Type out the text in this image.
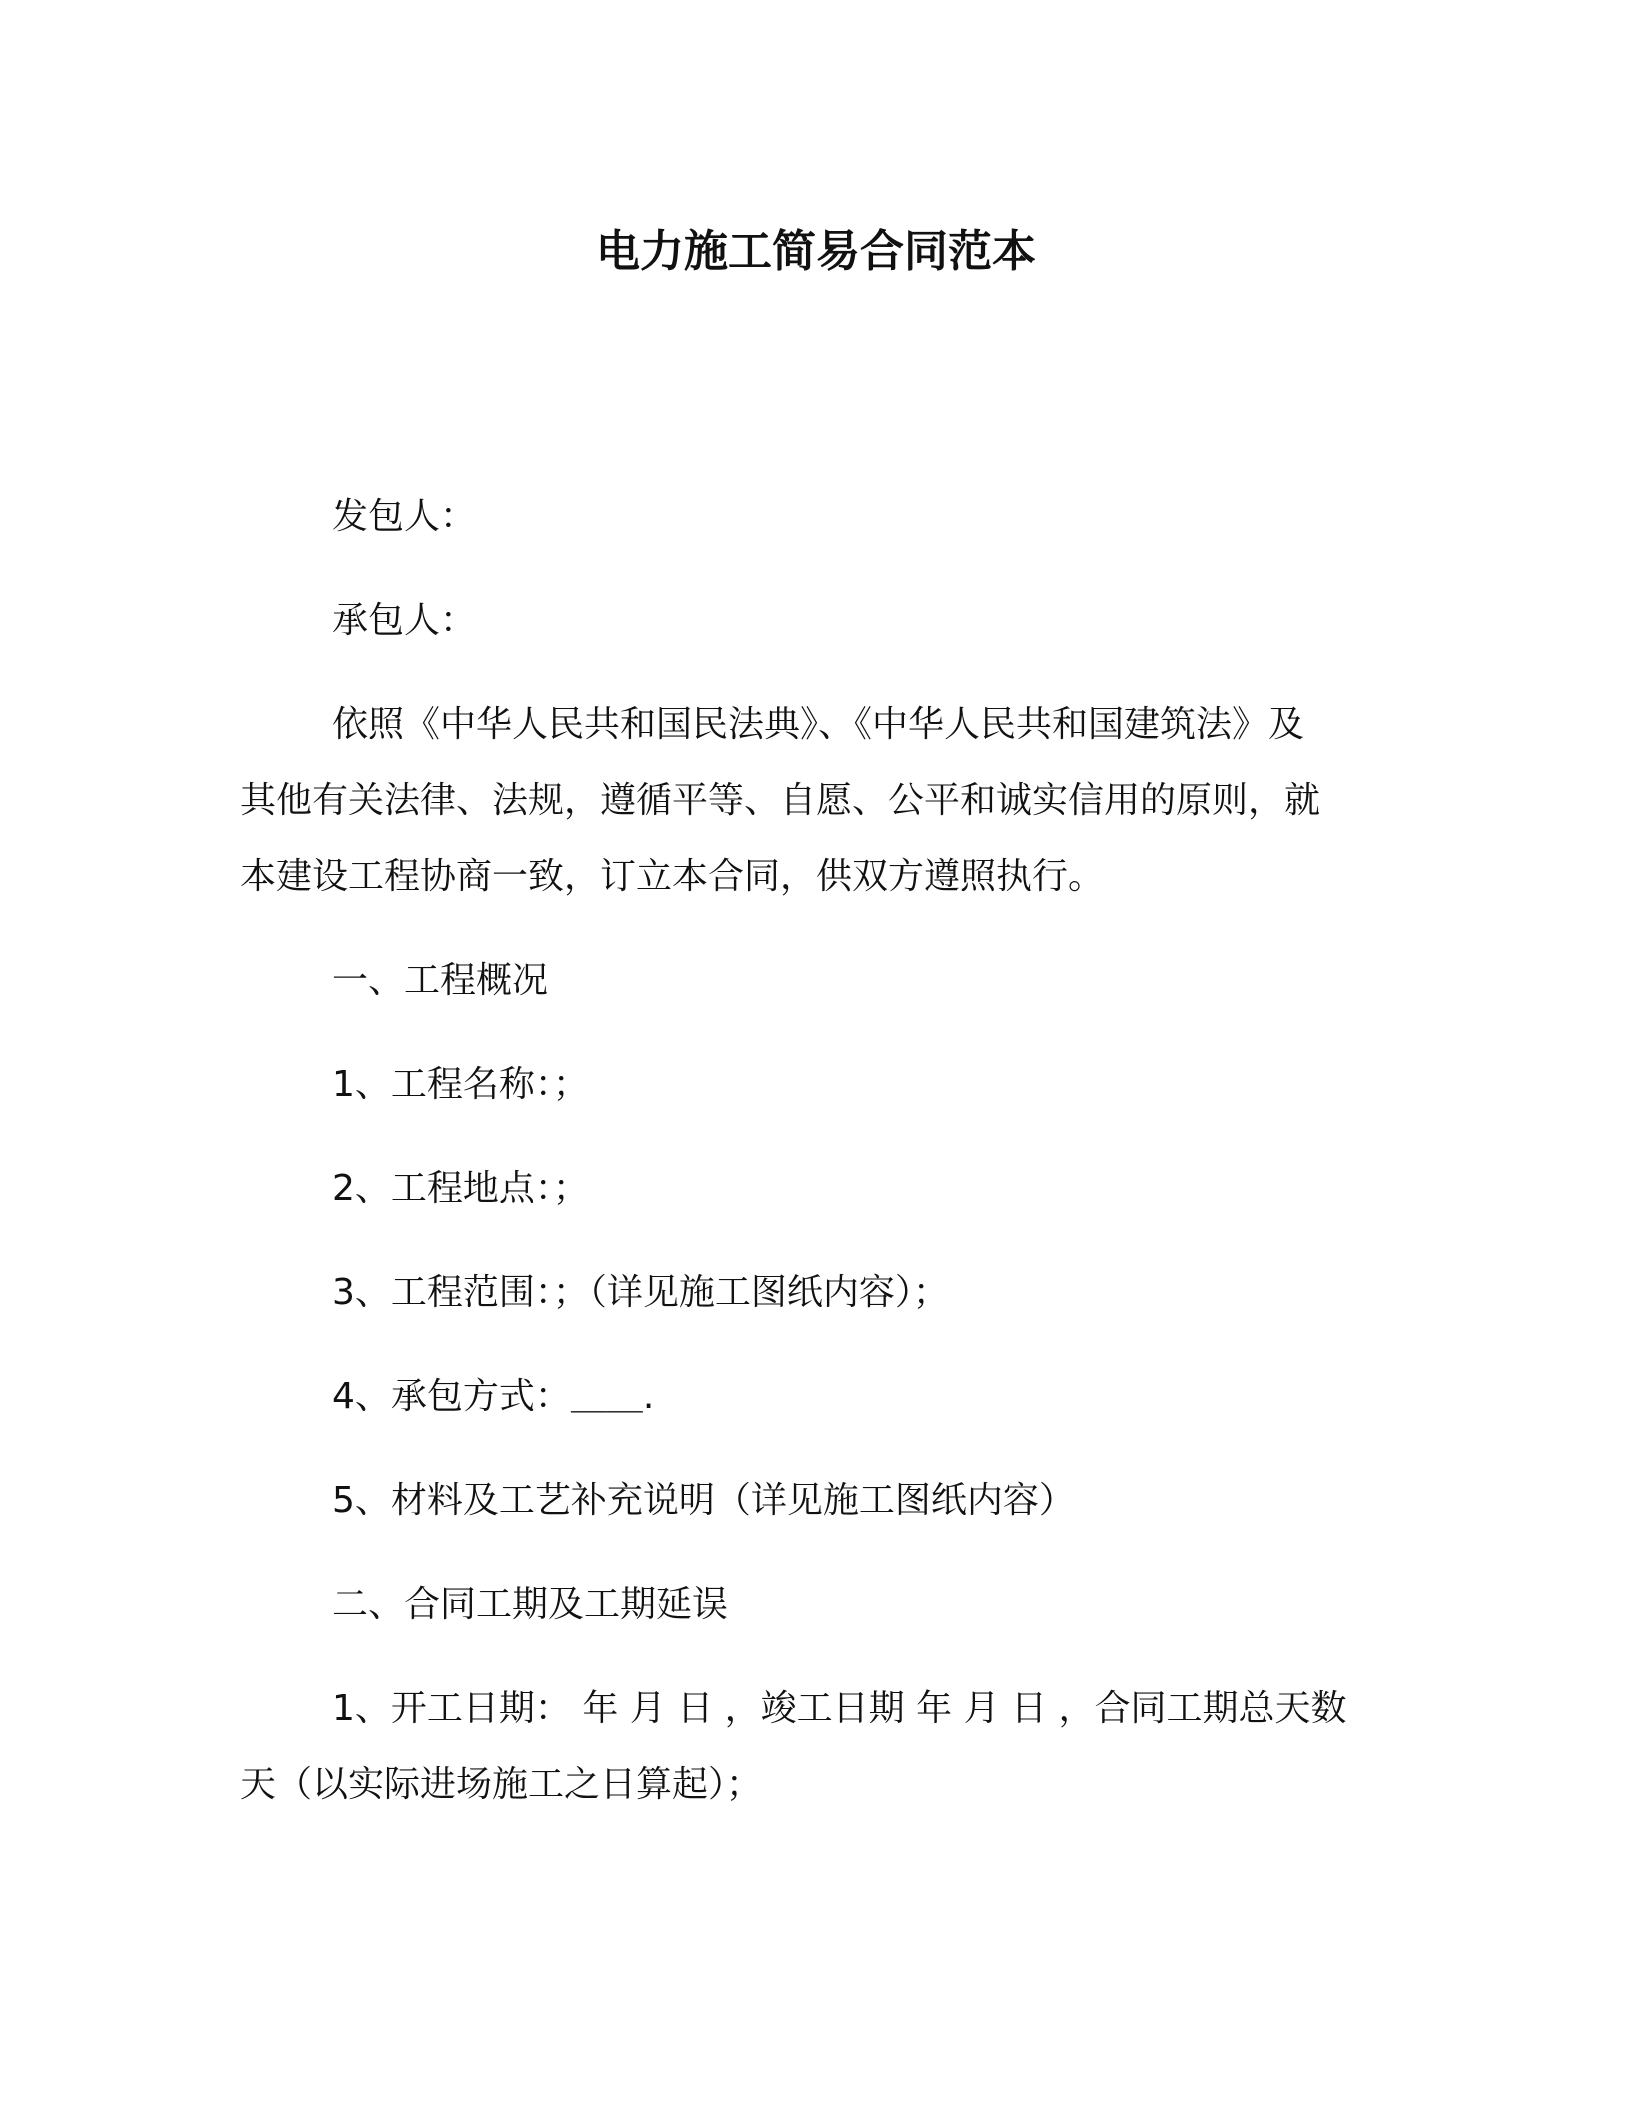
电力施工简易合同范本
发包人：
承包人：
依照《中华人民共和国民法典》、《中华人民共和国建筑法》及
其他有关法律、法规，遵循平等、自愿、公平和诚实信用的原则，就
本建设工程协商一致，订立本合同，供双方遵照执行。
一、工程概况
1、工程名称：；
2、工程地点：；
3、工程范围：；（详见施工图纸内容）；
4、承包方式：＿＿.
5、材料及工艺补充说明（详见施工图纸内容）
二、合同工期及工期延误
1、开工日期： 年 月 日 ，竣工日期 年 月 日 ，合同工期总天数
天（以实际进场施工之日算起）；
